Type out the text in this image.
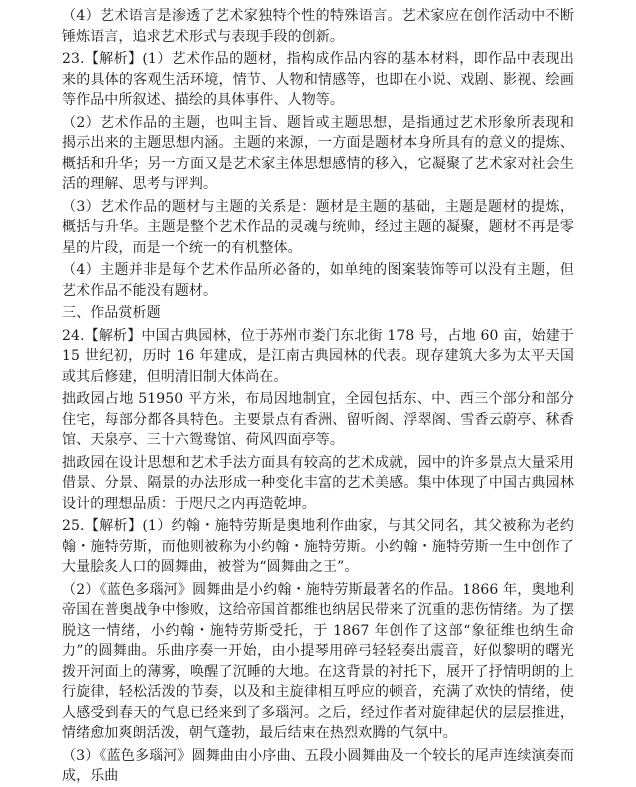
（4）艺术语言是渗透了艺术家独特个性的特殊语言。艺术家应在创作活动中不断锤炼语言，追求艺术形式与表现手段的创新。

23.【解析】(1）艺术作品的题材，指构成作品内容的基本材料，即作品中表现出来的具体的客观生活环境，情节、人物和情感等，也即在小说、戏剧、影视、绘画等作品中所叙述、描绘的具体事件、人物等。

（2）艺术作品的主题，也叫主旨、题旨或主题思想，是指通过艺术形象所表现和揭示出来的主题思想内涵。主题的来源，一方面是题材本身所具有的意义的提炼、概括和升华；另一方面又是艺术家主体思想感情的移入，它凝聚了艺术家对社会生活的理解、思考与评判。

（3）艺术作品的题材与主题的关系是：题材是主题的基础，主题是题材的提炼，概括与升华。主题是整个艺术作品的灵魂与统帅，经过主题的凝聚，题材不再是零星的片段，而是一个统一的有机整体。

（4）主题并非是每个艺术作品所必备的，如单纯的图案装饰等可以没有主题，但艺术作品不能没有题材。

三、作品赏析题

24.【解析】中国古典园林，位于苏州市娄门东北街 178 号，占地 60 亩，始建于 15 世纪初，历时 16 年建成，是江南古典园林的代表。现存建筑大多为太平天国或其后修建，但明清旧制大体尚在。

拙政园占地 51950 平方米，布局因地制宜，全园包括东、中、西三个部分和部分住宅，每部分都各具特色。主要景点有香洲、留听阁、浮翠阁、雪香云蔚亭、秫香馆、天泉亭、三十六鸳鸯馆、荷风四面亭等。

拙政园在设计思想和艺术手法方面具有较高的艺术成就，园中的许多景点大量采用借景、分景、隔景的办法形成一种变化丰富的艺术美感。集中体现了中国古典园林设计的理想品质：于咫尺之内再造乾坤。

25.【解析】(1）约翰・施特劳斯是奥地利作曲家，与其父同名，其父被称为老约翰・施特劳斯，而他则被称为小约翰・施特劳斯。小约翰・施特劳斯一生中创作了大量脍炙人口的圆舞曲，被誉为“圆舞曲之王”。

（2）《蓝色多瑙河》圆舞曲是小约翰・施特劳斯最著名的作品。1866 年，奥地利帝国在普奥战争中惨败，这给帝国首都维也纳居民带来了沉重的悲伤情绪。为了摆脱这一情绪，小约翰・施特劳斯受托，于 1867 年创作了这部“象征维也纳生命力”的圆舞曲。乐曲序奏一开始，由小提琴用碎弓轻轻奏出震音，好似黎明的曙光拨开河面上的薄雾，唤醒了沉睡的大地。在这背景的衬托下，展开了抒情明朗的上行旋律，轻松活泼的节奏，以及和主旋律相互呼应的顿音，充满了欢快的情绪，使人感受到春天的气息已经来到了多瑙河。之后，经过作者对旋律起伏的层层推进，情绪愈加爽朗活泼，朝气蓬勃，最后结束在热烈欢腾的气氛中。

（3）《蓝色多瑙河》圆舞曲由小序曲、五段小圆舞曲及一个较长的尾声连续演奏而成，乐曲
